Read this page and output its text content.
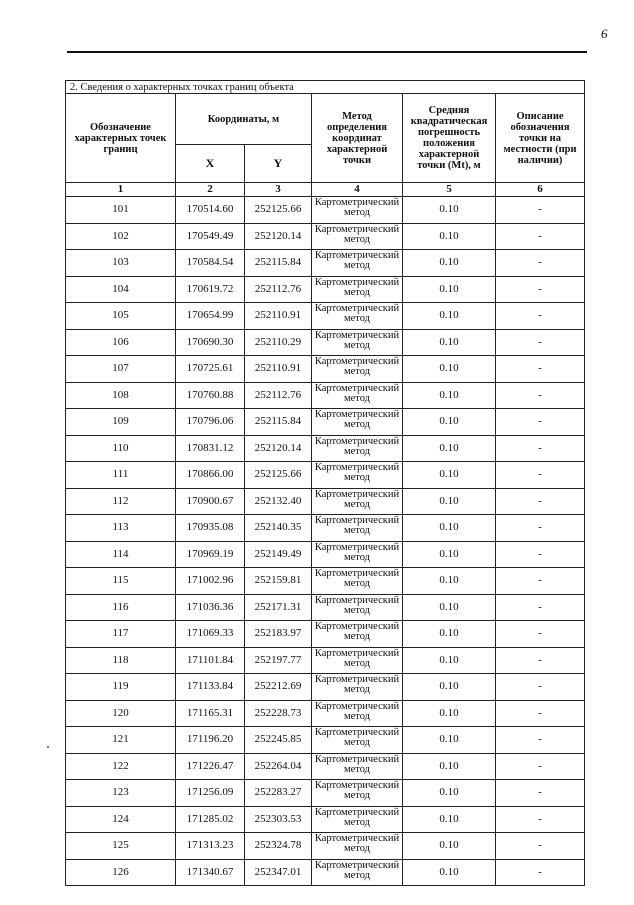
6
2. Сведения о характерных точках границ объекта					
Обозначение характерных точек границ	Координаты, м		Метод определения координат характерной точки	Средняя квадратическая погрешность положения характерной точки (Mt), м	Описание обозначения точки на местности (при наличии)
	X	Y			
1	2	3	4	5	6
101	170514.60	252125.66	Картометрический метод	0.10	-
102	170549.49	252120.14	Картометрический метод	0.10	-
103	170584.54	252115.84	Картометрический метод	0.10	-
104	170619.72	252112.76	Картометрический метод	0.10	-
105	170654.99	252110.91	Картометрический метод	0.10	-
106	170690.30	252110.29	Картометрический метод	0.10	-
107	170725.61	252110.91	Картометрический метод	0.10	-
108	170760.88	252112.76	Картометрический метод	0.10	-
109	170796.06	252115.84	Картометрический метод	0.10	-
110	170831.12	252120.14	Картометрический метод	0.10	-
111	170866.00	252125.66	Картометрический метод	0.10	-
112	170900.67	252132.40	Картометрический метод	0.10	-
113	170935.08	252140.35	Картометрический метод	0.10	-
114	170969.19	252149.49	Картометрический метод	0.10	-
115	171002.96	252159.81	Картометрический метод	0.10	-
116	171036.36	252171.31	Картометрический метод	0.10	-
117	171069.33	252183.97	Картометрический метод	0.10	-
118	171101.84	252197.77	Картометрический метод	0.10	-
119	171133.84	252212.69	Картометрический метод	0.10	-
120	171165.31	252228.73	Картометрический метод	0.10	-
121	171196.20	252245.85	Картометрический метод	0.10	-
122	171226.47	252264.04	Картометрический метод	0.10	-
123	171256.09	252283.27	Картометрический метод	0.10	-
124	171285.02	252303.53	Картометрический метод	0.10	-
125	171313.23	252324.78	Картометрический метод	0.10	-
126	171340.67	252347.01	Картометрический метод	0.10	-
